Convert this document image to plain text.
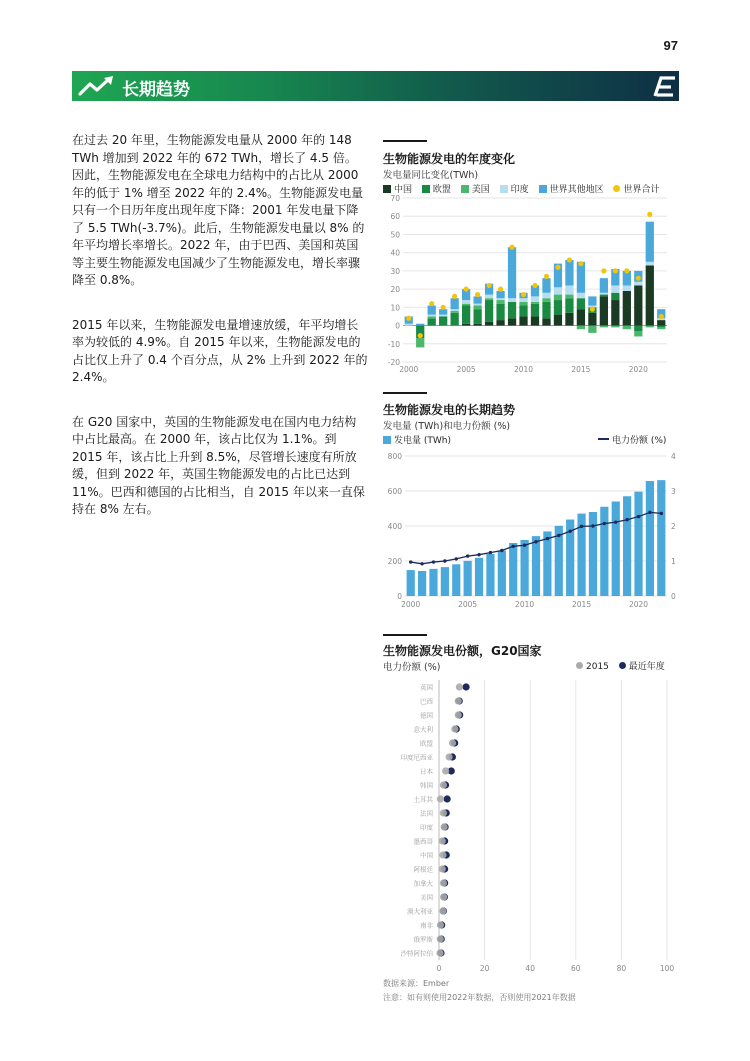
97
长期趋势

在过去 20 年里，生物能源发电量从 2000 年的 148 TWh 增加到 2022 年的 672 TWh，增长了 4.5 倍。因此，生物能源发电在全球电力结构中的占比从 2000 年的低于 1% 增至 2022 年的 2.4%。生物能源发电量只有一个日历年度出现年度下降：2001 年发电量下降了 5.5 TWh(-3.7%)。此后，生物能源发电量以 8% 的年平均增长率增长。2022 年，由于巴西、美国和英国等主要生物能源发电国减少了生物能源发电，增长率骤降至 0.8%。

2015 年以来，生物能源发电量增速放缓，年平均增长率为较低的 4.9%。自 2015 年以来，生物能源发电的占比仅上升了 0.4 个百分点，从 2% 上升到 2022 年的 2.4%。

在 G20 国家中，英国的生物能源发电在国内电力结构中占比最高。在 2000 年，该占比仅为 1.1%。到 2015 年，该占比上升到 8.5%，尽管增长速度有所放缓，但到 2022 年，英国生物能源发电的占比已达到 11%。巴西和德国的占比相当，自 2015 年以来一直保持在 8% 左右。

生物能源发电的年度变化
发电量同比变化(TWh)
中国 欧盟 美国 印度 世界其他地区 世界合计
-20
-10
0
10
20
30
40
50
60
70
2000	2005	2010	2015	2020
生物能源发电的长期趋势
发电量 (TWh)和电力份额 (%)
发电量 (TWh)	电力份额 (%)
0
200
400
600
800
0
1
2
3
4
2000	2005	2010	2015	2020
生物能源发电份额，G20国家
电力份额 (%)	2015 最近年度
0	20	40	60	80	100
英国
巴西
德国
意大利
欧盟
印度尼西亚
日本
韩国
土耳其
法国
印度
墨西哥
中国
阿根廷
加拿大
美国
澳大利亚
南非
俄罗斯
沙特阿拉伯
数据来源：Ember
注意：如有则使用2022年数据，否则使用2021年数据
